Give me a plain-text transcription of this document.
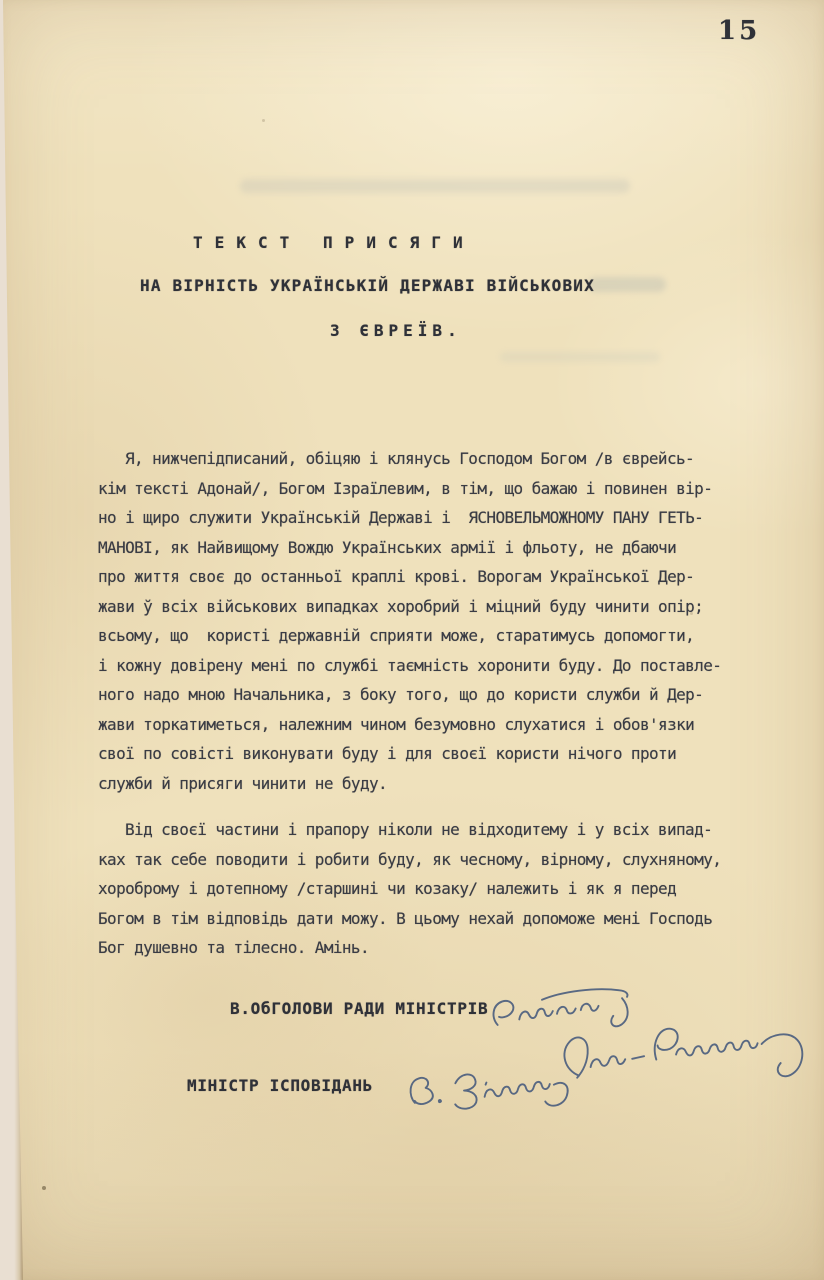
15
Т Е К С Т   П Р И С Я Г И
НА ВІРНІСТЬ УКРАЇНСЬКІЙ ДЕРЖАВІ ВІЙСЬКОВИХ
З ЄВРЕЇВ.
Я, нижчепідписаний, обіцяю і клянусь Господом Богом /в єврейсь-
кім тексті Адонай/, Богом Ізраїлевим, в тім, що бажаю і повинен вір-
но і щиро служити Українській Державі і  ЯСНОВЕЛЬМОЖНОМУ ПАНУ ГЕТЬ-
МАНОВІ, як Найвищому Вождю Українських армії і фльоту, не дбаючи
про життя своє до останньої краплі крові. Ворогам Української Дер-
жави ў всіх військових випадках хоробрий і міцний буду чинити опір;
всьому, що  користі державній сприяти може, старатимусь допомогти,
і кожну довірену мені по службі таємність хоронити буду. До поставле-
ного надо мною Начальника, з боку того, що до користи служби й Дер-
жави торкатиметься, належним чином безумовно слухатися і обов'язки
свої по совісті виконувати буду і для своєї користи нічого проти
служби й присяги чинити не буду.
Від своєї частини і прапору ніколи не відходитему і у всіх випад-
ках так себе поводити і робити буду, як чесному, вірному, слухняному,
хороброму і дотепному /старшині чи козаку/ належить і як я перед
Богом в тім відповідь дати можу. В цьому нехай допоможе мені Господь
Бог душевно та тілесно. Амінь.
В.ОбГОЛОВИ РАДИ МІНІСТРІВ
МІНІСТР ІСПОВІДАНЬ
